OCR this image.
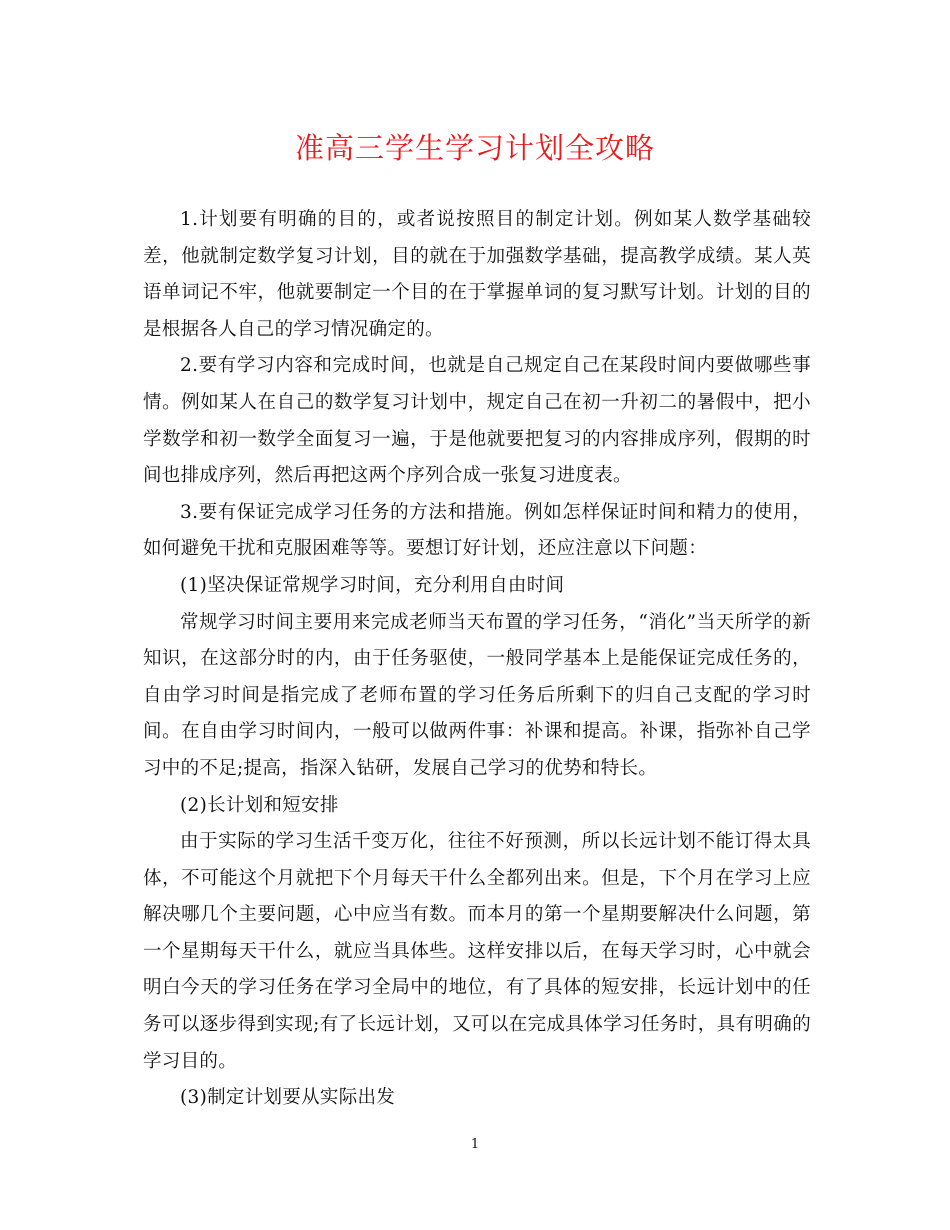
准高三学生学习计划全攻略

1.计划要有明确的目的，或者说按照目的制定计划。例如某人数学基础较差，他就制定数学复习计划，目的就在于加强数学基础，提高教学成绩。某人英语单词记不牢，他就要制定一个目的在于掌握单词的复习默写计划。计划的目的是根据各人自己的学习情况确定的。

2.要有学习内容和完成时间，也就是自己规定自己在某段时间内要做哪些事情。例如某人在自己的数学复习计划中，规定自己在初一升初二的暑假中，把小学数学和初一数学全面复习一遍，于是他就要把复习的内容排成序列，假期的时间也排成序列，然后再把这两个序列合成一张复习进度表。

3.要有保证完成学习任务的方法和措施。例如怎样保证时间和精力的使用，如何避免干扰和克服困难等等。要想订好计划，还应注意以下问题：

(1)坚决保证常规学习时间，充分利用自由时间

常规学习时间主要用来完成老师当天布置的学习任务，“消化”当天所学的新知识，在这部分时的内，由于任务驱使，一般同学基本上是能保证完成任务的，自由学习时间是指完成了老师布置的学习任务后所剩下的归自己支配的学习时间。在自由学习时间内，一般可以做两件事：补课和提高。补课，指弥补自己学习中的不足;提高，指深入钻研，发展自己学习的优势和特长。

(2)长计划和短安排

由于实际的学习生活千变万化，往往不好预测，所以长远计划不能订得太具体，不可能这个月就把下个月每天干什么全都列出来。但是，下个月在学习上应解决哪几个主要问题，心中应当有数。而本月的第一个星期要解决什么问题，第一个星期每天干什么，就应当具体些。这样安排以后，在每天学习时，心中就会明白今天的学习任务在学习全局中的地位，有了具体的短安排，长远计划中的任务可以逐步得到实现;有了长远计划，又可以在完成具体学习任务时，具有明确的学习目的。

(3)制定计划要从实际出发

1
